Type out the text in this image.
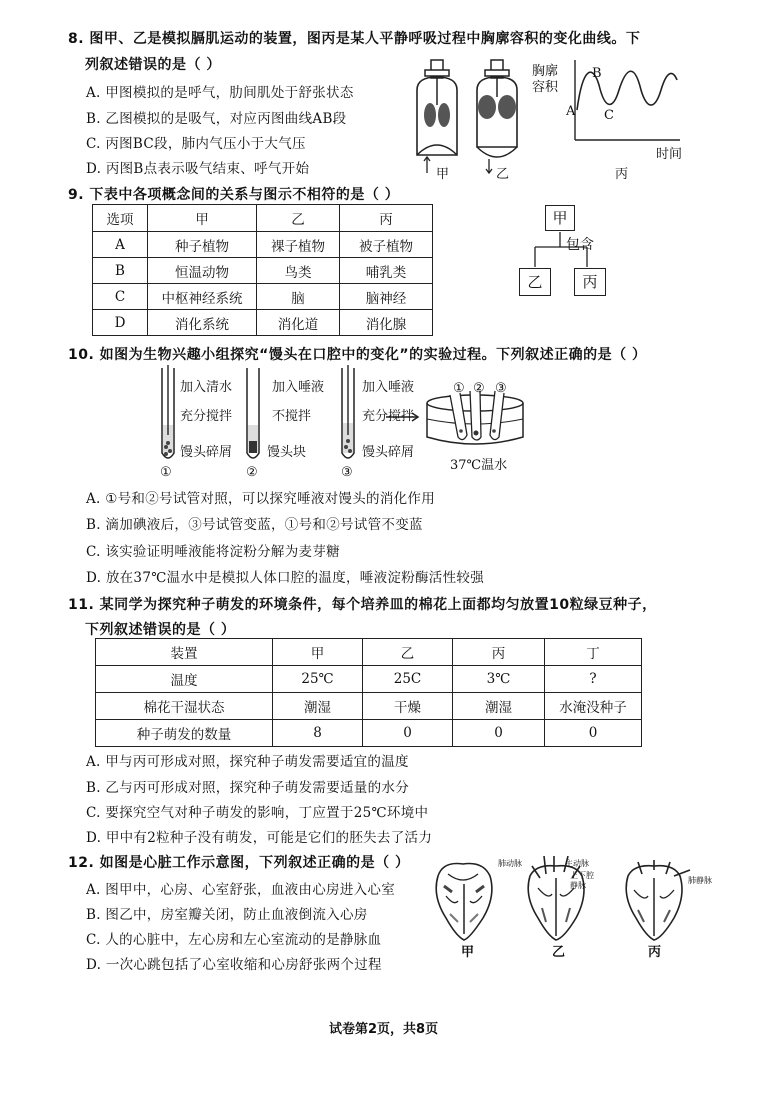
8. 图甲、乙是模拟膈肌运动的装置，图丙是某人平静呼吸过程中胸廓容积的变化曲线。下
列叙述错误的是（ ）
A. 甲图模拟的是呼气，肋间肌处于舒张状态
B. 乙图模拟的是吸气，对应丙图曲线AB段
C. 丙图BC段，肺内气压小于大气压
D. 丙图B点表示吸气结束、呼气开始	甲	乙
胸廓
容积
A
B
C
时间
丙
9. 下表中各项概念间的关系与图示不相符的是（ ）
选项	甲	乙	丙
A	种子植物	裸子植物	被子植物
B	恒温动物	鸟类	哺乳类
C	中枢神经系统	脑	脑神经
D	消化系统	消化道	消化腺
甲
包含
乙	丙
10. 如图为生物兴趣小组探究“馒头在口腔中的变化”的实验过程。下列叙述正确的是（ ）
加入清水
充分搅拌
馒头碎屑
①
加入唾液
不搅拌
馒头块
②
加入唾液
充分搅拌
馒头碎屑
③
① ② ③
37℃温水
A. ①号和②号试管对照，可以探究唾液对馒头的消化作用
B. 滴加碘液后，③号试管变蓝，①号和②号试管不变蓝
C. 该实验证明唾液能将淀粉分解为麦芽糖
D. 放在37℃温水中是模拟人体口腔的温度，唾液淀粉酶活性较强
11. 某同学为探究种子萌发的环境条件，每个培养皿的棉花上面都均匀放置10粒绿豆种子，
下列叙述错误的是（ ）
装置	甲	乙	丙	丁
温度	25℃	25C	3℃	?
棉花干湿状态	潮湿	干燥	潮湿	水淹没种子
种子萌发的数量	8	0	0	0
A. 甲与丙可形成对照，探究种子萌发需要适宜的温度
B. 乙与丙可形成对照，探究种子萌发需要适量的水分
C. 要探究空气对种子萌发的影响，丁应置于25℃环境中
D. 甲中有2粒种子没有萌发，可能是它们的胚失去了活力
12. 如图是心脏工作示意图，下列叙述正确的是（ ）
A. 图甲中，心房、心室舒张，血液由心房进入心室
B. 图乙中，房室瓣关闭，防止血液倒流入心房
C. 人的心脏中，左心房和左心室流动的是静脉血
D. 一次心跳包括了心室收缩和心房舒张两个过程
肺动脉	主动脉
上下腔
静脉
肺静脉
甲	乙	丙
试卷第2页，共8页
